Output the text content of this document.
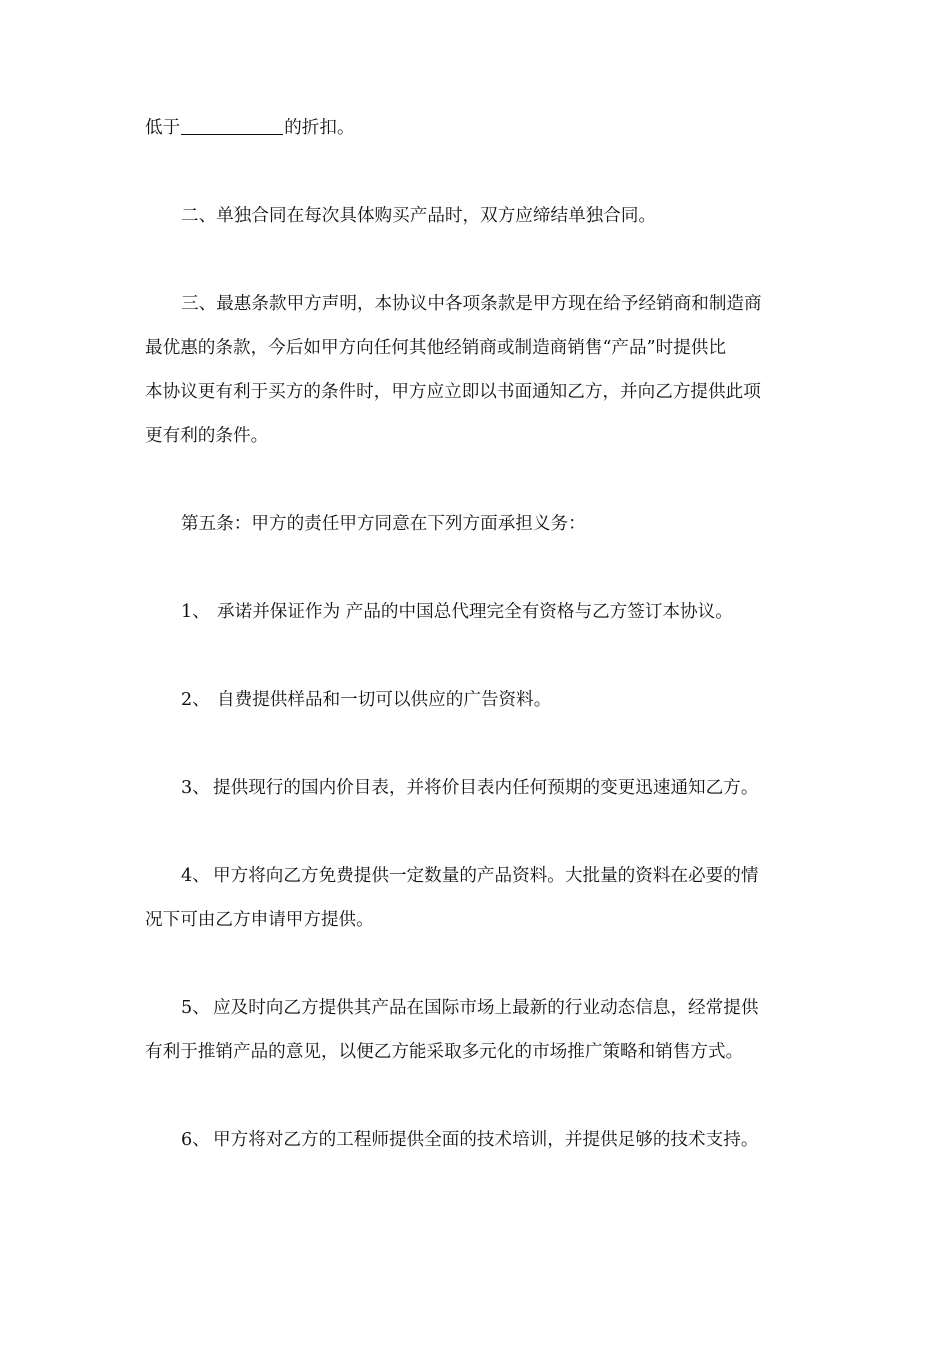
低于	的折扣。

二、单独合同在每次具体购买产品时，双方应缔结单独合同。

三、最惠条款甲方声明，本协议中各项条款是甲方现在给予经销商和制造商
最优惠的条款，今后如甲方向任何其他经销商或制造商销售“产品”时提供比
本协议更有利于买方的条件时，甲方应立即以书面通知乙方，并向乙方提供此项
更有利的条件。

第五条：甲方的责任甲方同意在下列方面承担义务：

1、 承诺并保证作为 产品的中国总代理完全有资格与乙方签订本协议。

2、 自费提供样品和一切可以供应的广告资料。

3、 提供现行的国内价目表，并将价目表内任何预期的变更迅速通知乙方。

4、 甲方将向乙方免费提供一定数量的产品资料。大批量的资料在必要的情
况下可由乙方申请甲方提供。

5、 应及时向乙方提供其产品在国际市场上最新的行业动态信息，经常提供
有利于推销产品的意见，以便乙方能采取多元化的市场推广策略和销售方式。

6、 甲方将对乙方的工程师提供全面的技术培训，并提供足够的技术支持。
